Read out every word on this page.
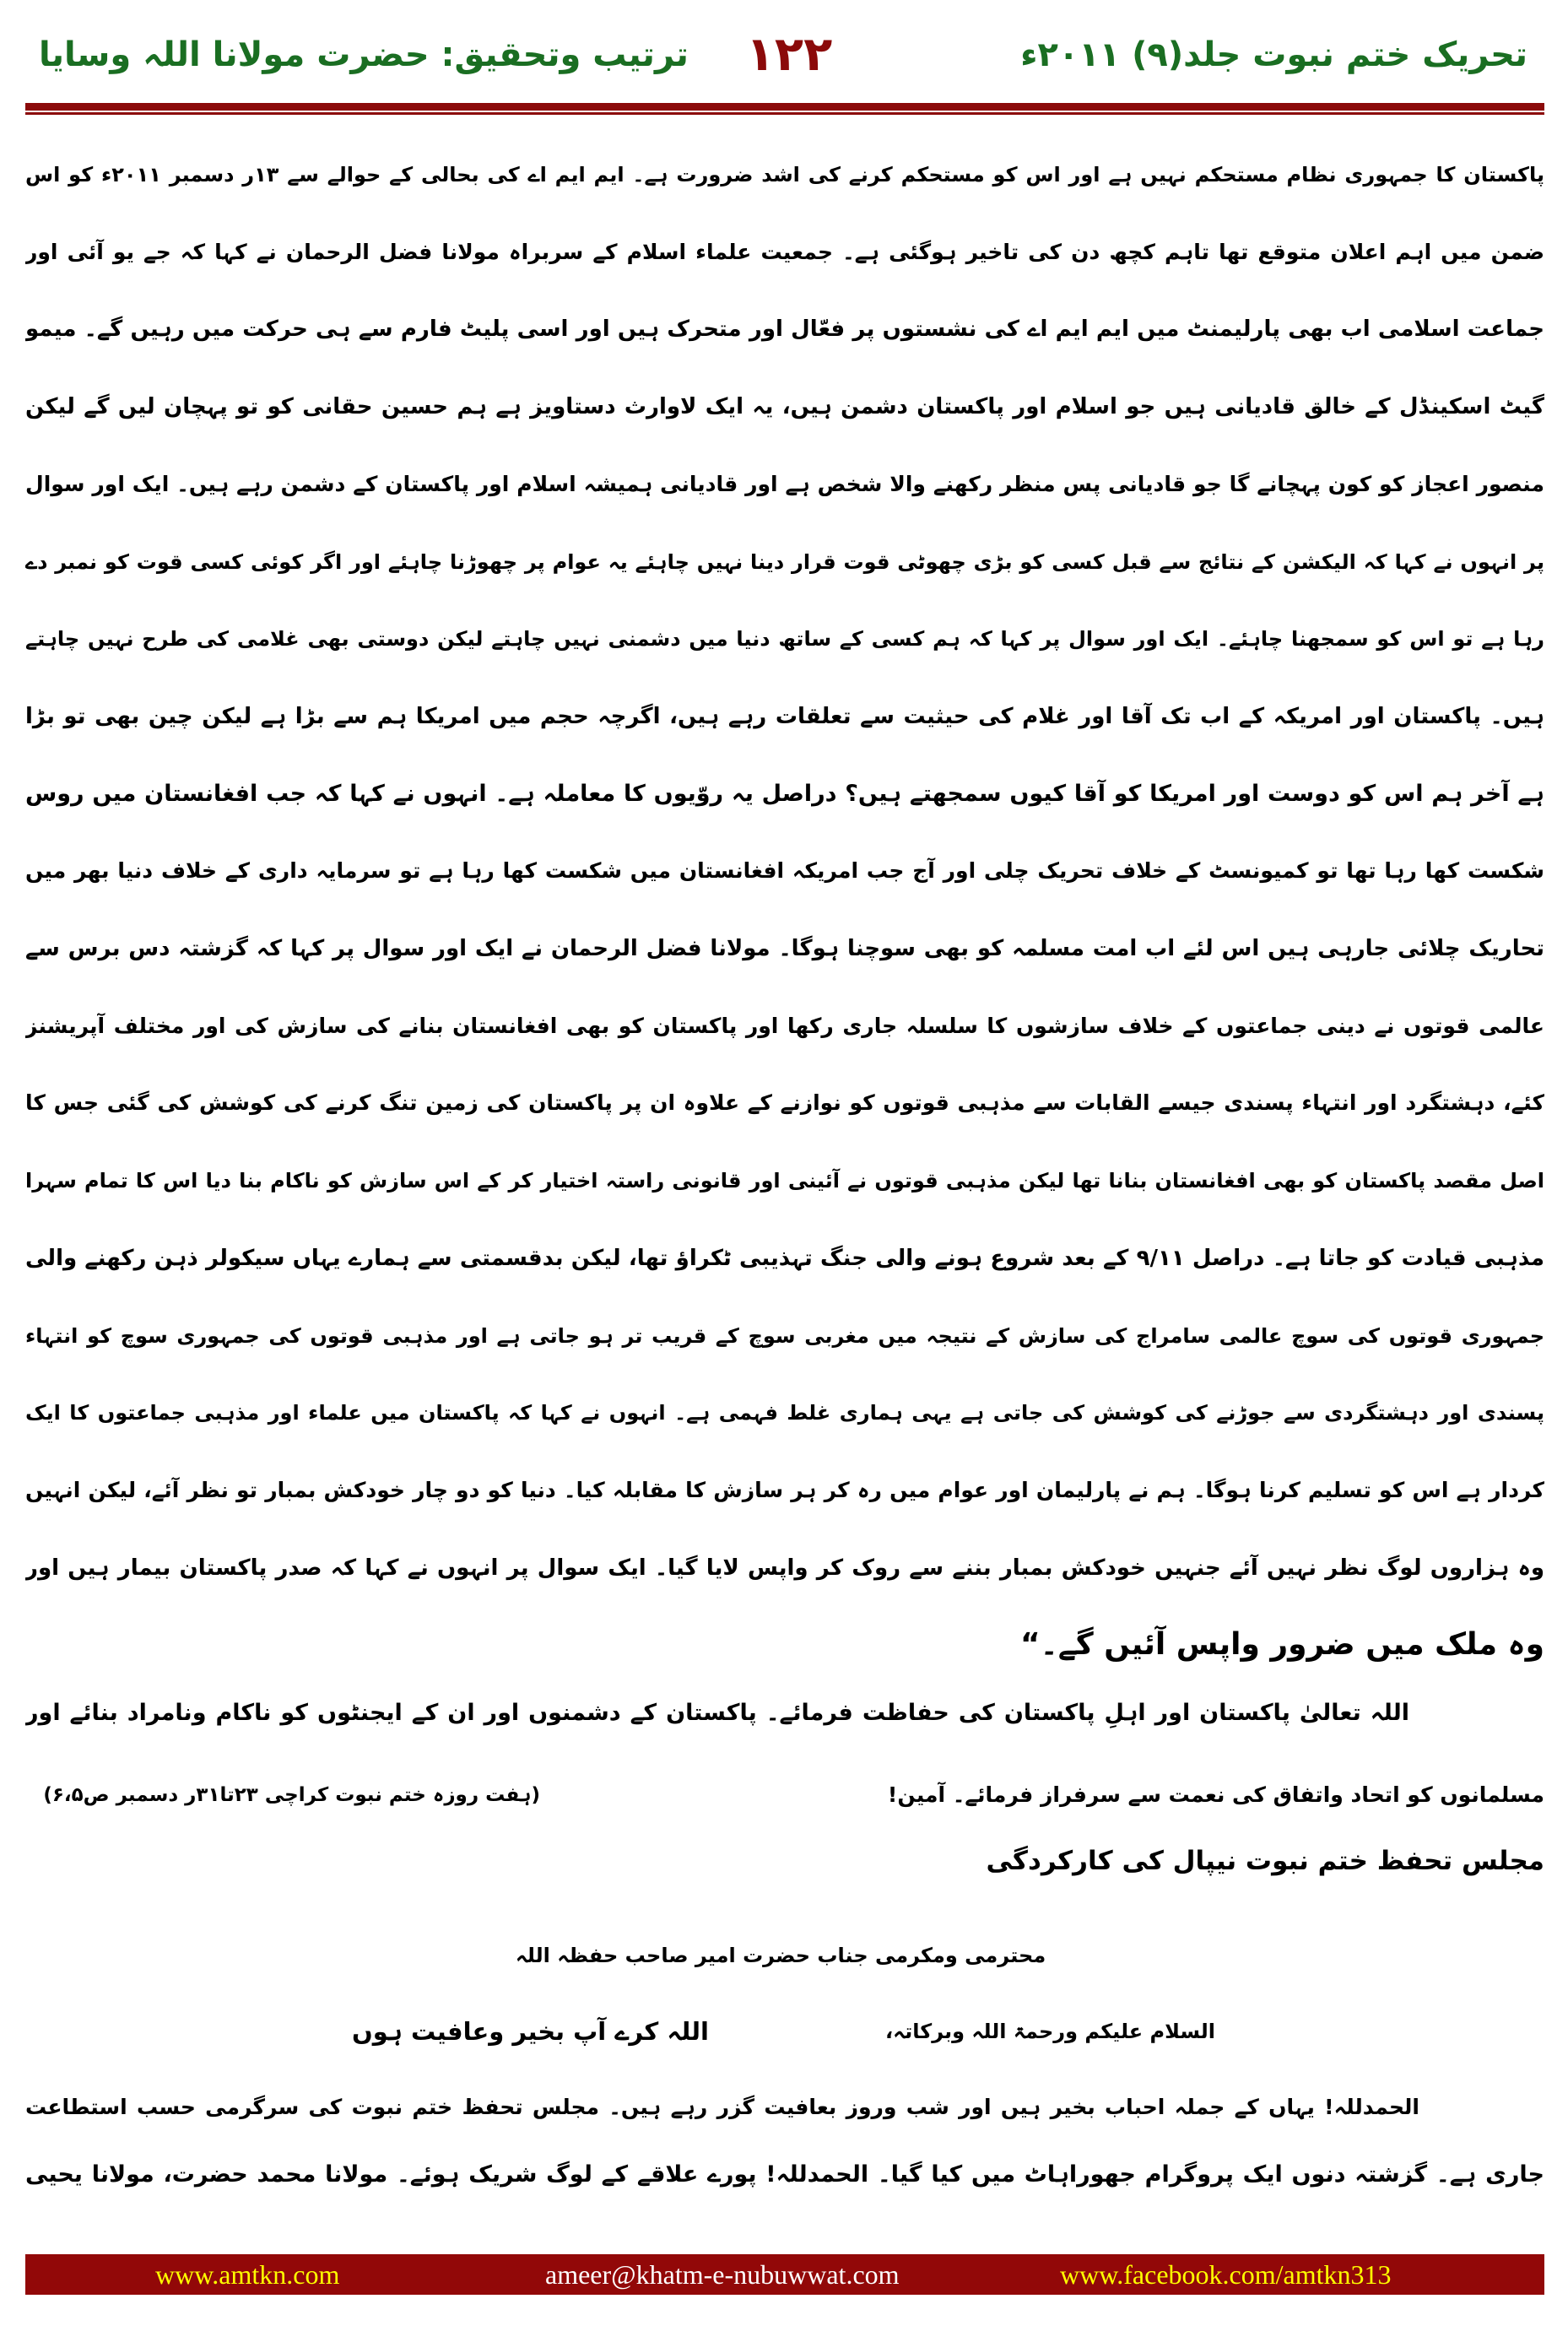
تحریک ختم نبوت جلد(۹) ۲۰۱۱ء
۱۲۲
ترتیب وتحقیق: حضرت مولانا اللہ وسایا
پاکستان کا جمہوری نظام مستحکم نہیں ہے اور اس کو مستحکم کرنے کی اشد ضرورت ہے۔ ایم ایم اے کی بحالی کے حوالے سے ۱۳ر دسمبر ۲۰۱۱ء کو اس
ضمن میں اہم اعلان متوقع تھا تاہم کچھ دن کی تاخیر ہوگئی ہے۔ جمعیت علماء اسلام کے سربراہ مولانا فضل الرحمان نے کہا کہ جے یو آئی اور
جماعت اسلامی اب بھی پارلیمنٹ میں ایم ایم اے کی نشستوں پر فعّال اور متحرک ہیں اور اسی پلیٹ فارم سے ہی حرکت میں رہیں گے۔ میمو
گیٹ اسکینڈل کے خالق قادیانی ہیں جو اسلام اور پاکستان دشمن ہیں، یہ ایک لاوارث دستاویز ہے ہم حسین حقانی کو تو پہچان لیں گے لیکن
منصور اعجاز کو کون پہچانے گا جو قادیانی پس منظر رکھنے والا شخص ہے اور قادیانی ہمیشہ اسلام اور پاکستان کے دشمن رہے ہیں۔ ایک اور سوال
پر انہوں نے کہا کہ الیکشن کے نتائج سے قبل کسی کو بڑی چھوٹی قوت قرار دینا نہیں چاہئے یہ عوام پر چھوڑنا چاہئے اور اگر کوئی کسی قوت کو نمبر دے
رہا ہے تو اس کو سمجھنا چاہئے۔ ایک اور سوال پر کہا کہ ہم کسی کے ساتھ دنیا میں دشمنی نہیں چاہتے لیکن دوستی بھی غلامی کی طرح نہیں چاہتے
ہیں۔ پاکستان اور امریکہ کے اب تک آقا اور غلام کی حیثیت سے تعلقات رہے ہیں، اگرچہ حجم میں امریکا ہم سے بڑا ہے لیکن چین بھی تو بڑا
ہے آخر ہم اس کو دوست اور امریکا کو آقا کیوں سمجھتے ہیں؟ دراصل یہ روّیوں کا معاملہ ہے۔ انہوں نے کہا کہ جب افغانستان میں روس
شکست کھا رہا تھا تو کمیونسٹ کے خلاف تحریک چلی اور آج جب امریکہ افغانستان میں شکست کھا رہا ہے تو سرمایہ داری کے خلاف دنیا بھر میں
تحاریک چلائی جارہی ہیں اس لئے اب امت مسلمہ کو بھی سوچنا ہوگا۔ مولانا فضل الرحمان نے ایک اور سوال پر کہا کہ گزشتہ دس برس سے
عالمی قوتوں نے دینی جماعتوں کے خلاف سازشوں کا سلسلہ جاری رکھا اور پاکستان کو بھی افغانستان بنانے کی سازش کی اور مختلف آپریشنز
کئے، دہشتگرد اور انتہاء پسندی جیسے القابات سے مذہبی قوتوں کو نوازنے کے علاوہ ان پر پاکستان کی زمین تنگ کرنے کی کوشش کی گئی جس کا
اصل مقصد پاکستان کو بھی افغانستان بنانا تھا لیکن مذہبی قوتوں نے آئینی اور قانونی راستہ اختیار کر کے اس سازش کو ناکام بنا دیا اس کا تمام سہرا
مذہبی قیادت کو جاتا ہے۔ دراصل ۹/۱۱ کے بعد شروع ہونے والی جنگ تہذیبی ٹکراؤ تھا، لیکن بدقسمتی سے ہمارے یہاں سیکولر ذہن رکھنے والی
جمہوری قوتوں کی سوچ عالمی سامراج کی سازش کے نتیجہ میں مغربی سوچ کے قریب تر ہو جاتی ہے اور مذہبی قوتوں کی جمہوری سوچ کو انتہاء
پسندی اور دہشتگردی سے جوڑنے کی کوشش کی جاتی ہے یہی ہماری غلط فہمی ہے۔ انہوں نے کہا کہ پاکستان میں علماء اور مذہبی جماعتوں کا ایک
کردار ہے اس کو تسلیم کرنا ہوگا۔ ہم نے پارلیمان اور عوام میں رہ کر ہر سازش کا مقابلہ کیا۔ دنیا کو دو چار خودکش بمبار تو نظر آئے، لیکن انہیں
وہ ہزاروں لوگ نظر نہیں آئے جنہیں خودکش بمبار بننے سے روک کر واپس لایا گیا۔ ایک سوال پر انہوں نے کہا کہ صدر پاکستان بیمار ہیں اور
وہ ملک میں ضرور واپس آئیں گے۔“
اللہ تعالیٰ پاکستان اور اہلِ پاکستان کی حفاظت فرمائے۔ پاکستان کے دشمنوں اور ان کے ایجنٹوں کو ناکام ونامراد بنائے اور
مسلمانوں کو اتحاد واتفاق کی نعمت سے سرفراز فرمائے۔ آمین!
(ہفت روزہ ختم نبوت کراچی ۲۳تا۳۱ر دسمبر ص۶،۵)
مجلس تحفظ ختم نبوت نیپال کی کارکردگی
محترمی ومکرمی جناب حضرت امیر صاحب حفظہ اللہ
السلام علیکم ورحمۃ اللہ وبرکاتہ،
اللہ کرے آپ بخیر وعافیت ہوں
الحمدللہ! یہاں کے جملہ احباب بخیر ہیں اور شب وروز بعافیت گزر رہے ہیں۔ مجلس تحفظ ختم نبوت کی سرگرمی حسب استطاعت
جاری ہے۔ گزشتہ دنوں ایک پروگرام جھوراہاٹ میں کیا گیا۔ الحمدللہ! پورے علاقے کے لوگ شریک ہوئے۔ مولانا محمد حضرت، مولانا یحیی
www.amtkn.com	ameer@khatm-e-nubuwwat.com	www.facebook.com/amtkn313
